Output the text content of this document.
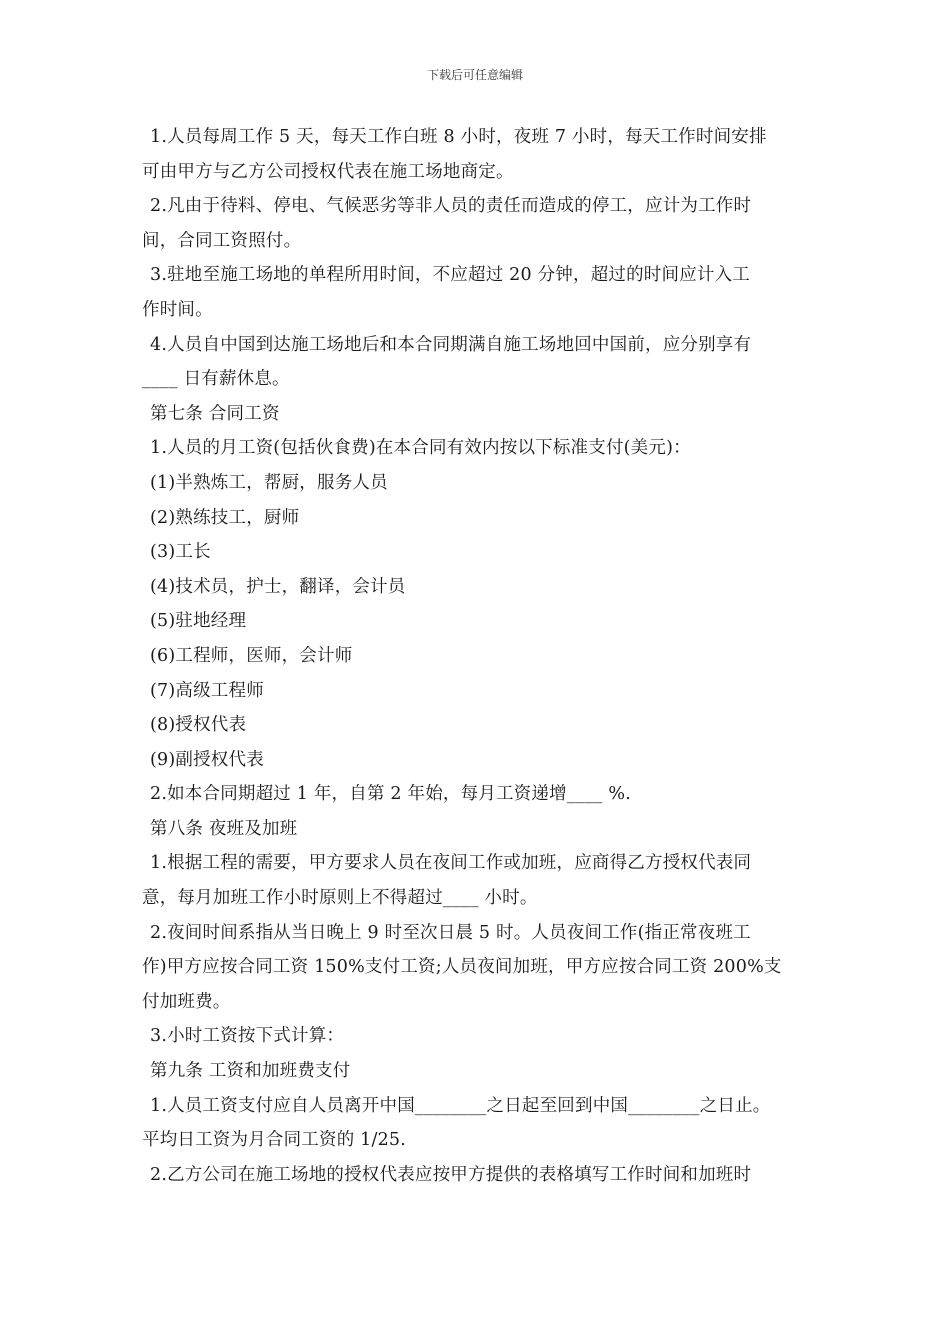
下载后可任意编辑
1.人员每周工作 5 天，每天工作白班 8 小时，夜班 7 小时，每天工作时间安排
可由甲方与乙方公司授权代表在施工场地商定。
2.凡由于待料、停电、气候恶劣等非人员的责任而造成的停工，应计为工作时
间，合同工资照付。
3.驻地至施工场地的单程所用时间，不应超过 20 分钟，超过的时间应计入工
作时间。
4.人员自中国到达施工场地后和本合同期满自施工场地回中国前，应分别享有
____ 日有薪休息。
第七条 合同工资
1.人员的月工资(包括伙食费)在本合同有效内按以下标准支付(美元)：
(1)半熟炼工，帮厨，服务人员
(2)熟练技工，厨师
(3)工长
(4)技术员，护士，翻译，会计员
(5)驻地经理
(6)工程师，医师，会计师
(7)高级工程师
(8)授权代表
(9)副授权代表
2.如本合同期超过 1 年，自第 2 年始，每月工资递增____ %.
第八条 夜班及加班
1.根据工程的需要，甲方要求人员在夜间工作或加班，应商得乙方授权代表同
意，每月加班工作小时原则上不得超过____ 小时。
2.夜间时间系指从当日晚上 9 时至次日晨 5 时。人员夜间工作(指正常夜班工
作)甲方应按合同工资 150%支付工资;人员夜间加班，甲方应按合同工资 200%支
付加班费。
3.小时工资按下式计算：
第九条 工资和加班费支付
1.人员工资支付应自人员离开中国________之日起至回到中国________之日止。
平均日工资为月合同工资的 1/25.
2.乙方公司在施工场地的授权代表应按甲方提供的表格填写工作时间和加班时
